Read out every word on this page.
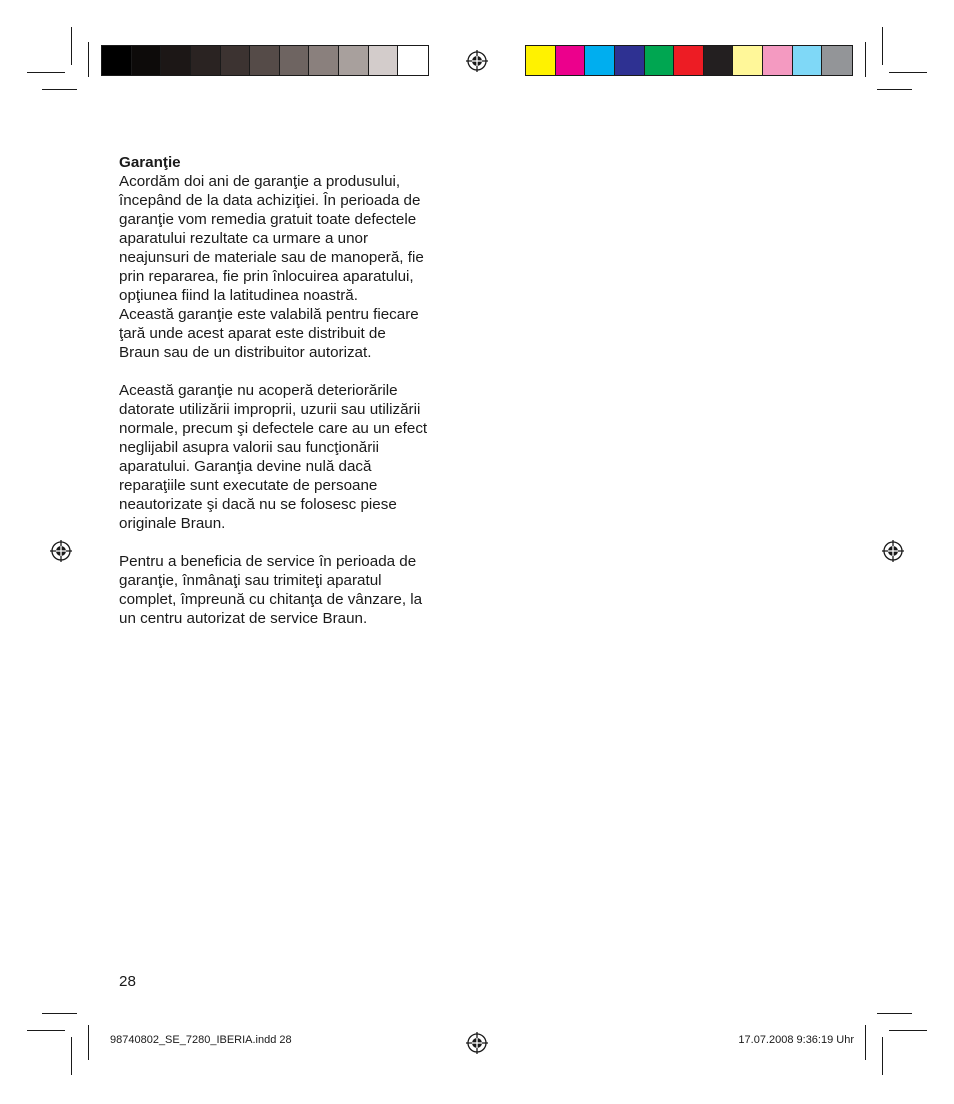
Garanţie

Acordăm doi ani de garanţie a produsului,
începând de la data achiziţiei. În perioada de
garanţie vom remedia gratuit toate defectele
aparatului rezultate ca urmare a unor
neajunsuri de materiale sau de manoperă, fie
prin repararea, fie prin înlocuirea aparatului,
opţiunea fiind la latitudinea noastră.
Această garanţie este valabilă pentru fiecare
ţară unde acest aparat este distribuit de
Braun sau de un distribuitor autorizat.

Această garanţie nu acoperă deteriorările
datorate utilizării improprii, uzurii sau utilizării
normale, precum şi defectele care au un efect
neglijabil asupra valorii sau funcţionării
aparatului. Garanţia devine nulă dacă
reparaţiile sunt executate de persoane
neautorizate şi dacă nu se folosesc piese
originale Braun.

Pentru a beneficia de service în perioada de
garanţie, înmânaţi sau trimiteţi aparatul
complet, împreună cu chitanţa de vânzare, la
un centru autorizat de service Braun.

28
98740802_SE_7280_IBERIA.indd 28	17.07.2008 9:36:19 Uhr
